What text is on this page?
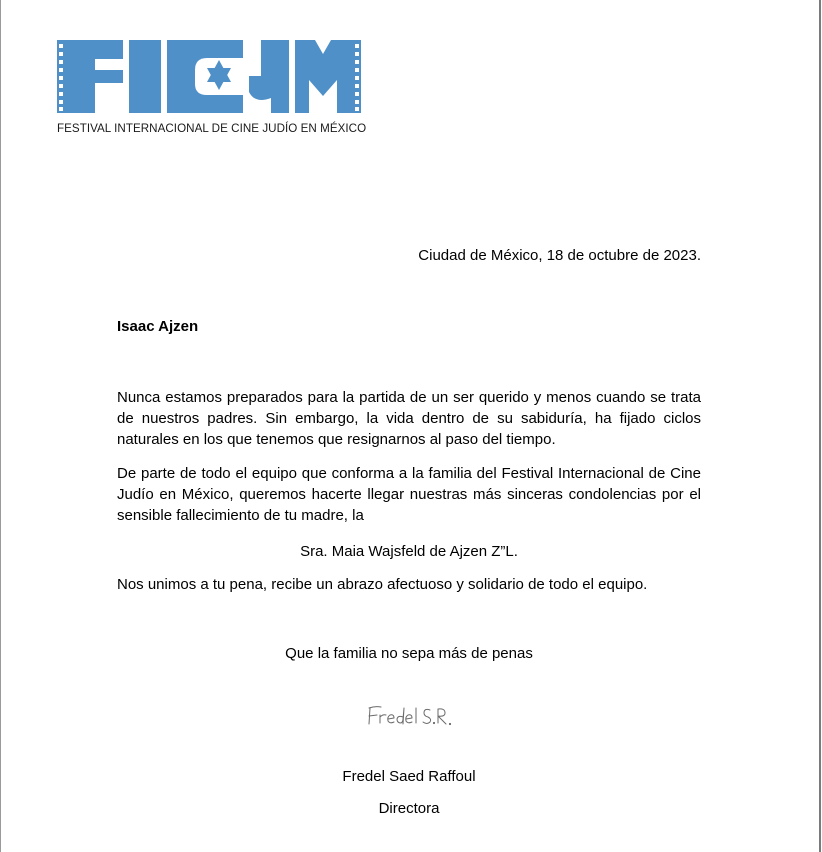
FESTIVAL INTERNACIONAL DE CINE JUDÍO EN MÉXICO
Ciudad de México, 18 de octubre de 2023.
Isaac Ajzen

Nunca estamos preparados para la partida de un ser querido y menos cuando se trata de nuestros padres. Sin embargo, la vida dentro de su sabiduría, ha fijado ciclos naturales en los que tenemos que resignarnos al paso del tiempo.

De parte de todo el equipo que conforma a la familia del Festival Internacional de Cine Judío en México, queremos hacerte llegar nuestras más sinceras condolencias por el sensible fallecimiento de tu madre, la

Sra. Maia Wajsfeld de Ajzen Z”L.
Nos unimos a tu pena, recibe un abrazo afectuoso y solidario de todo el equipo.
Que la familia no sepa más de penas
Fredel Saed Raffoul
Directora
